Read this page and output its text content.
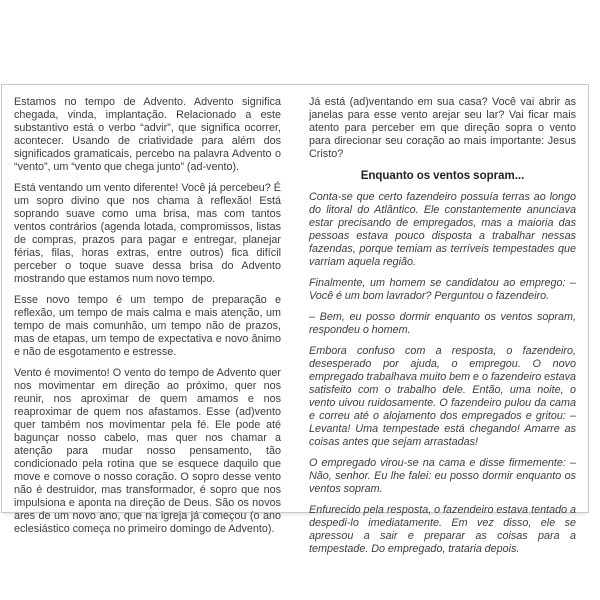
Estamos no tempo de Advento. Advento significa chegada, vinda, implantação. Relacionado a este substantivo está o verbo “advir”, que significa ocorrer, acontecer. Usando de criatividade para além dos significados gramaticais, percebo na palavra Advento o “vento”, um “vento que chega junto” (ad-vento).

Está ventando um vento diferente! Você já percebeu? É um sopro divino que nos chama à reflexão! Está soprando suave como uma brisa, mas com tantos ventos contrários (agenda lotada, compromissos, listas de compras, prazos para pagar e entregar, planejar férias, filas, horas extras, entre outros) fica difícil perceber o toque suave dessa brisa do Advento mostrando que estamos num novo tempo.

Esse novo tempo é um tempo de preparação e reflexão, um tempo de mais calma e mais atenção, um tempo de mais comunhão, um tempo não de prazos, mas de etapas, um tempo de expectativa e novo ânimo e não de esgotamento e estresse.

Vento é movimento! O vento do tempo de Advento quer nos movimentar em direção ao próximo, quer nos reunir, nos aproximar de quem amamos e nos reaproximar de quem nos afastamos. Esse (ad)vento quer também nos movimentar pela fé. Ele pode até bagunçar nosso cabelo, mas quer nos chamar a atenção para mudar nosso pensamento, tão condicionado pela rotina que se esquece daquilo que move e comove o nosso coração. O sopro desse vento não é destruidor, mas transformador, é sopro que nos impulsiona e aponta na direção de Deus. São os novos ares de um novo ano, que na igreja já começou (o ano eclesiástico começa no primeiro domingo de Advento).

Já está (ad)ventando em sua casa? Você vai abrir as janelas para esse vento arejar seu lar? Vai ficar mais atento para perceber em que direção sopra o vento para direcionar seu coração ao mais importante: Jesus Cristo?

Enquanto os ventos sopram...

Conta-se que certo fazendeiro possuía terras ao longo do litoral do Atlântico. Ele constantemente anunciava estar precisando de empregados, mas a maioria das pessoas estava pouco disposta a trabalhar nessas fazendas, porque temiam as terríveis tempestades que varriam aquela região.

Finalmente, um homem se candidatou ao emprego: – Você é um bom lavrador? Perguntou o fazendeiro.

– Bem, eu posso dormir enquanto os ventos sopram, respondeu o homem.

Embora confuso com a resposta, o fazendeiro, desesperado por ajuda, o empregou. O novo empregado trabalhava muito bem e o fazendeiro estava satisfeito com o trabalho dele. Então, uma noite, o vento uivou ruidosamente. O fazendeiro pulou da cama e correu até o alojamento dos empregados e gritou: – Levanta! Uma tempestade está chegando! Amarre as coisas antes que sejam arrastadas!

O empregado virou-se na cama e disse firmemente: – Não, senhor. Eu lhe falei: eu posso dormir enquanto os ventos sopram.

Enfurecido pela resposta, o fazendeiro estava tentado a despedi-lo imediatamente. Em vez disso, ele se apressou a sair e preparar as coisas para a tempestade. Do empregado, trataria depois.
